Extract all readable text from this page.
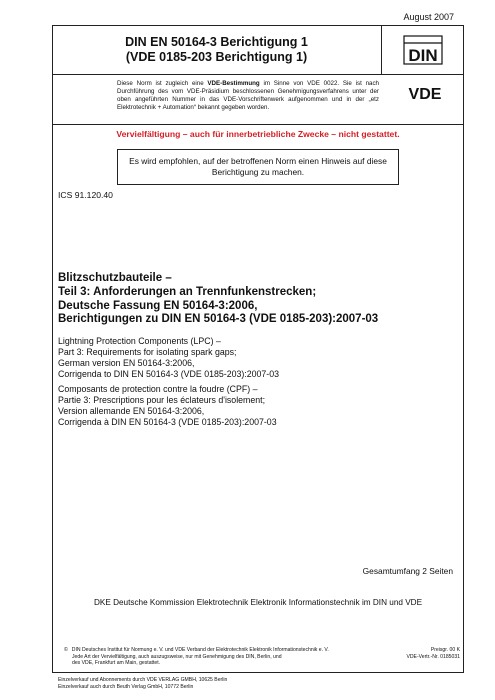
August 2007
DIN EN 50164-3 Berichtigung 1
(VDE 0185-203 Berichtigung 1)	DIN
Diese Norm ist zugleich eine VDE-Bestimmung im Sinne von VDE 0022. Sie ist nach Durchführung des vom VDE-Präsidium beschlossenen Genehmigungsverfahrens unter der oben angeführten Nummer in das VDE-Vorschriftenwerk aufgenommen und in der „etz Elektrotechnik + Automation“ bekannt gegeben worden.
VDE
Vervielfältigung – auch für innerbetriebliche Zwecke – nicht gestattet.
Es wird empfohlen, auf der betroffenen Norm einen Hinweis auf diese Berichtigung zu machen.
ICS 91.120.40
Blitzschutzbauteile –
Teil 3: Anforderungen an Trennfunkenstrecken;
Deutsche Fassung EN 50164-3:2006,
Berichtigungen zu DIN EN 50164-3 (VDE 0185-203):2007-03
Lightning Protection Components (LPC) –
Part 3: Requirements for isolating spark gaps;
German version EN 50164-3:2006,
Corrigenda to DIN EN 50164-3 (VDE 0185-203):2007-03
Composants de protection contre la foudre (CPF) –
Partie 3: Prescriptions pour les éclateurs d'isolement;
Version allemande EN 50164-3:2006,
Corrigenda à DIN EN 50164-3 (VDE 0185-203):2007-03
Gesamtumfang 2 Seiten
DKE Deutsche Kommission Elektrotechnik Elektronik Informationstechnik im DIN und VDE
© DIN Deutsches Institut für Normung e. V. und VDE Verband der Elektrotechnik Elektronik Informationstechnik e. V.
Jede Art der Vervielfältigung, auch auszugsweise, nur mit Genehmigung des DIN, Berlin, und
des VDE, Frankfurt am Main, gestattet.
Preisgr. 00 K
VDE-Vertr.-Nr. 0185031
Einzelverkauf und Abonnements durch VDE VERLAG GMBH, 10625 Berlin
Einzelverkauf auch durch Beuth Verlag GmbH, 10772 Berlin
